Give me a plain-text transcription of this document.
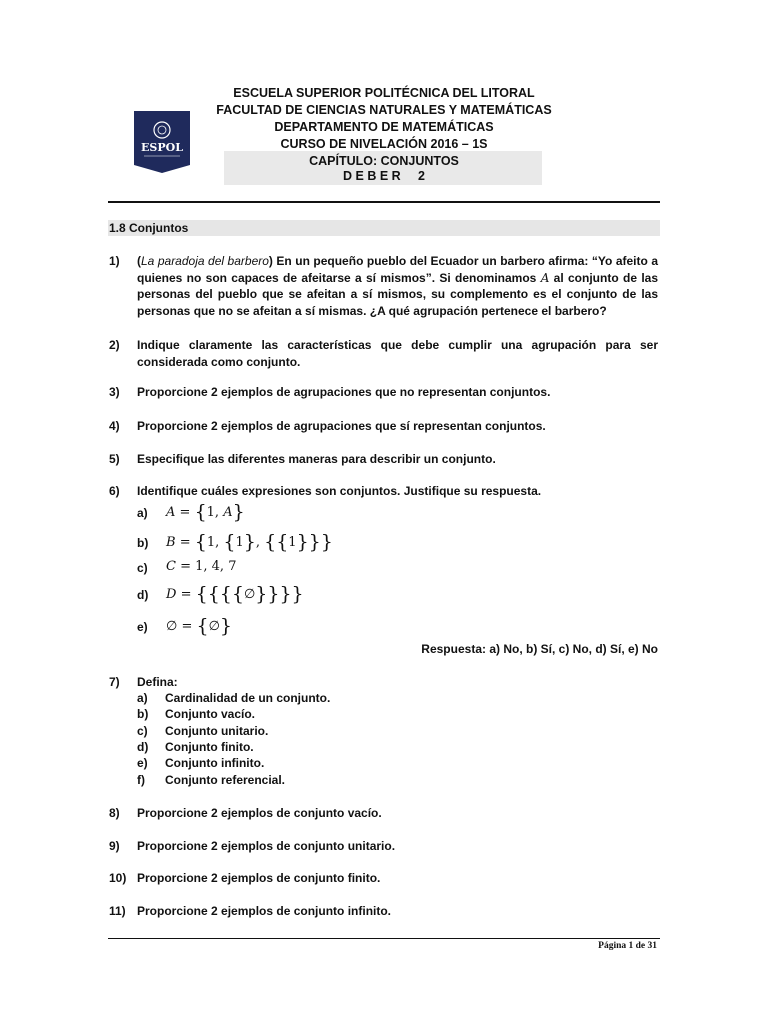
ESPOL
ESCUELA SUPERIOR POLITÉCNICA DEL LITORAL
FACULTAD DE CIENCIAS NATURALES Y MATEMÁTICAS
DEPARTAMENTO DE MATEMÁTICAS
CURSO DE NIVELACIÓN 2016 – 1S
CAPÍTULO: CONJUNTOS
D E B E R     2
1.8 Conjuntos
1) (La paradoja del barbero) En un pequeño pueblo del Ecuador un barbero afirma: “Yo afeito a quienes no son capaces de afeitarse a sí mismos”. Si denominamos A al conjunto de las personas del pueblo que se afeitan a sí mismos, su complemento es el conjunto de las personas que no se afeitan a sí mismas. ¿A qué agrupación pertenece el barbero?
2) Indique claramente las características que debe cumplir una agrupación para ser considerada como conjunto.
3) Proporcione 2 ejemplos de agrupaciones que no representan conjuntos.
4) Proporcione 2 ejemplos de agrupaciones que sí representan conjuntos.
5) Especifique las diferentes maneras para describir un conjunto.
6) Identifique cuáles expresiones son conjuntos. Justifique su respuesta.
a) A = {1, A}
b) B = {1, {1}, {{1}}}
c) C = 1, 4, 7
d) D = {{{{∅}}}}
e) ∅ = {∅}
Respuesta: a) No, b) Sí, c) No, d) Sí, e) No
7) Defina:
a) Cardinalidad de un conjunto.
b) Conjunto vacío.
c) Conjunto unitario.
d) Conjunto finito.
e) Conjunto infinito.
f) Conjunto referencial.
8) Proporcione 2 ejemplos de conjunto vacío.
9) Proporcione 2 ejemplos de conjunto unitario.
10) Proporcione 2 ejemplos de conjunto finito.
11) Proporcione 2 ejemplos de conjunto infinito.
Página 1 de 31
